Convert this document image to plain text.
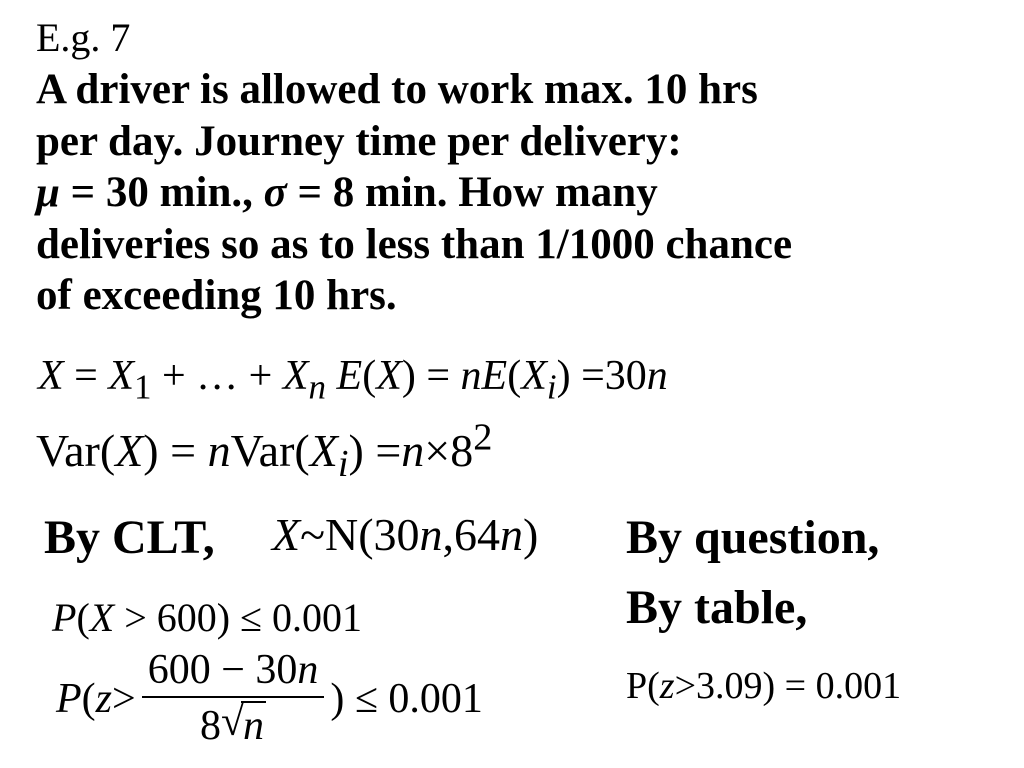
E.g. 7
A driver is allowed to work max. 10 hrs
per day. Journey time per delivery:
μ = 30 min., σ = 8 min. How many
deliveries so as to less than 1/1000 chance
of exceeding 10 hrs.
$X = X_1$ + … + $X_n$ $E(X) = nE(X_i) =30n$
$Var(X) = nVar(X_i) =n\times 8^2$
By CLT, X~N(30n,64n) By question,
By table,
P(X > 600) ≤ 0.001
P ( z > 600 − 30n
8 √
n ) ≤ 0.001	P(z>3.09) = 0.001
